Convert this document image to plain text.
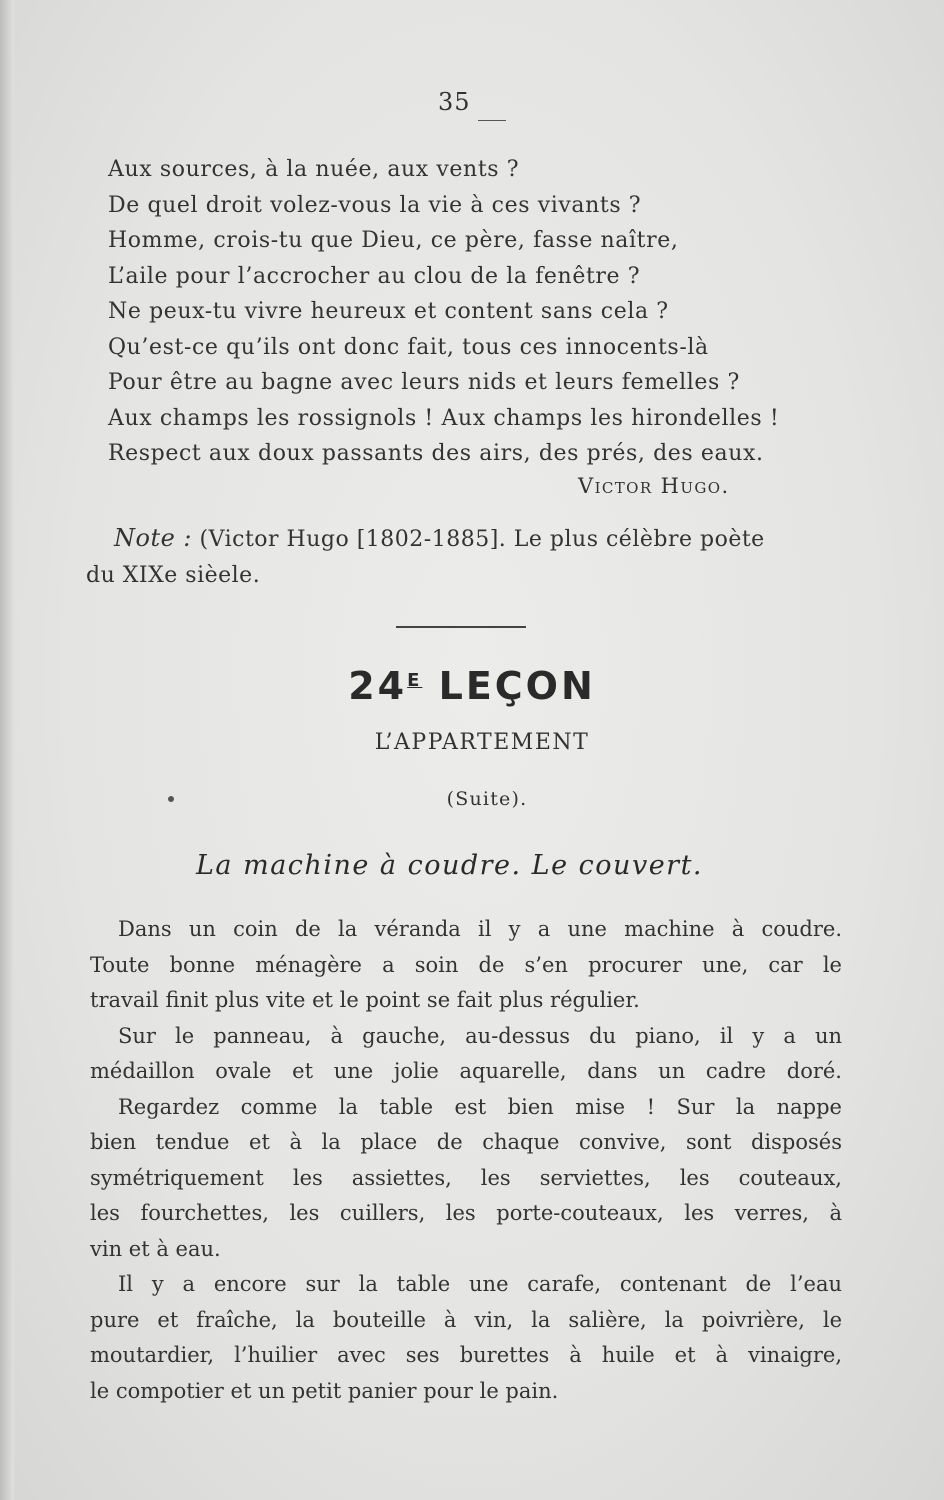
35
Aux sources, à la nuée, aux vents ?
De quel droit volez-vous la vie à ces vivants ?
Homme, crois-tu que Dieu, ce père, fasse naître,
L’aile pour l’accrocher au clou de la fenêtre ?
Ne peux-tu vivre heureux et content sans cela ?
Qu’est-ce qu’ils ont donc fait, tous ces innocents-là
Pour être au bagne avec leurs nids et leurs femelles ?
Aux champs les rossignols ! Aux champs les hirondelles !
Respect aux doux passants des airs, des prés, des eaux.
Victor Hugo.
Note : (Victor Hugo [1802-1885]. Le plus célèbre poète
du XIXe sièele.
$24^E$ LEÇON
L’APPARTEMENT
(Suite).
La machine à coudre. Le couvert.
Dans un coin de la véranda il y a une machine à coudre.
Toute bonne ménagère a soin de s’en procurer une, car le
travail finit plus vite et le point se fait plus régulier.
Sur le panneau, à gauche, au-dessus du piano, il y a un
médaillon ovale et une jolie aquarelle, dans un cadre doré.
Regardez comme la table est bien mise ! Sur la nappe
bien tendue et à la place de chaque convive, sont disposés
symétriquement les assiettes, les serviettes, les couteaux,
les fourchettes, les cuillers, les porte-couteaux, les verres, à
vin et à eau.
Il y a encore sur la table une carafe, contenant de l’eau
pure et fraîche, la bouteille à vin, la salière, la poivrière, le
moutardier, l’huilier avec ses burettes à huile et à vinaigre,
le compotier et un petit panier pour le pain.
